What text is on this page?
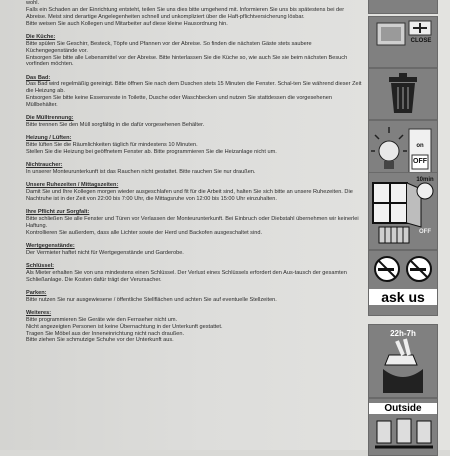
wohl.
Falls ein Schaden an der Einrichtung entsteht, teilen Sie uns dies bitte umgehend mit. Informieren Sie uns bis spätestens bei der Abreise. Meist sind derartige Angelegenheiten schnell und unkompliziert über die Haft-pflichtversicherung lösbar.
Bitte weisen Sie auch Kollegen und Mitarbeiter auf diese kleine Hausordnung hin.
Die Küche:
Bitte spülen Sie Geschirr, Besteck, Töpfe und Pfannen vor der Abreise. So finden die nächsten Gäste stets saubere Küchengegenstände vor.
Entsorgen Sie bitte alle Lebensmittel vor der Abreise. Bitte hinterlassen Sie die Küche so, wie auch Sie sie beim nächsten Besuch vorfinden möchten.
Das Bad:
Das Bad wird regelmäßig gereinigt. Bitte öffnen Sie nach dem Duschen stets 15 Minuten die Fenster. Schal-ten Sie während dieser Zeit die Heizung ab.
Entsorgen Sie bitte keine Essensreste in Toilette, Dusche oder Waschbecken und nutzen Sie stattdessen die vorgesehenen Müllbehälter.
Die Mülltrennung:
Bitte trennen Sie den Müll sorgfältig in die dafür vorgesehenen Behälter.
Heizung / Lüften:
Bitte lüften Sie die Räumlichkeiten täglich für mindestens 10 Minuten.
Stellen Sie die Heizung bei geöffnetem Fenster ab. Bitte programmieren Sie die Heizanlage nicht um.
Nichtraucher:
In unserer Monteurunterkunft ist das Rauchen nicht gestattet. Bitte rauchen Sie nur draußen.
Unsere Ruhezeiten / Mittagszeiten:
Damit Sie und Ihre Kollegen morgen wieder ausgeschlafen und fit für die Arbeit sind, halten Sie sich bitte an unsere Ruhezeiten. Die Nachtruhe ist in der Zeit von 22:00 bis 7:00 Uhr, die Mittagsruhe von 12:00 bis 15:00 Uhr einzuhalten.
Ihre Pflicht zur Sorgfalt:
Bitte schließen Sie alle Fenster und Türen vor Verlassen der Monteurunterkunft. Bei Einbruch oder Diebstahl übernehmen wir keinerlei Haftung.
Kontrollieren Sie außerdem, dass alle Lichter sowie der Herd und Backofen ausgeschaltet sind.
Wertgegenstände:
Der Vermieter haftet nicht für Wertgegenstände und Garderobe.
Schlüssel:
Als Mieter erhalten Sie von uns mindestens einen Schlüssel. Der Verlust eines Schlüssels erfordert den Aus-tausch der gesamten Schließanlage. Die Kosten dafür trägt der Verursacher.
Parken:
Bitte nutzen Sie nur ausgewiesene / öffentliche Stellflächen und achten Sie auf eventuelle Stellzeiten.
Weiteres:
Bitte programmieren Sie Geräte wie den Fernseher nicht um.
Nicht angezeigten Personen ist keine Übernachtung in der Unterkunft gestattet.
Tragen Sie Möbel aus der Inneneinrichtung nicht nach draußen.
Bitte ziehen Sie schmutzige Schuhe vor der Unterkunft aus.
CLOSE
on
OFF
10min
OFF
ask us
22h-7h
Outside
